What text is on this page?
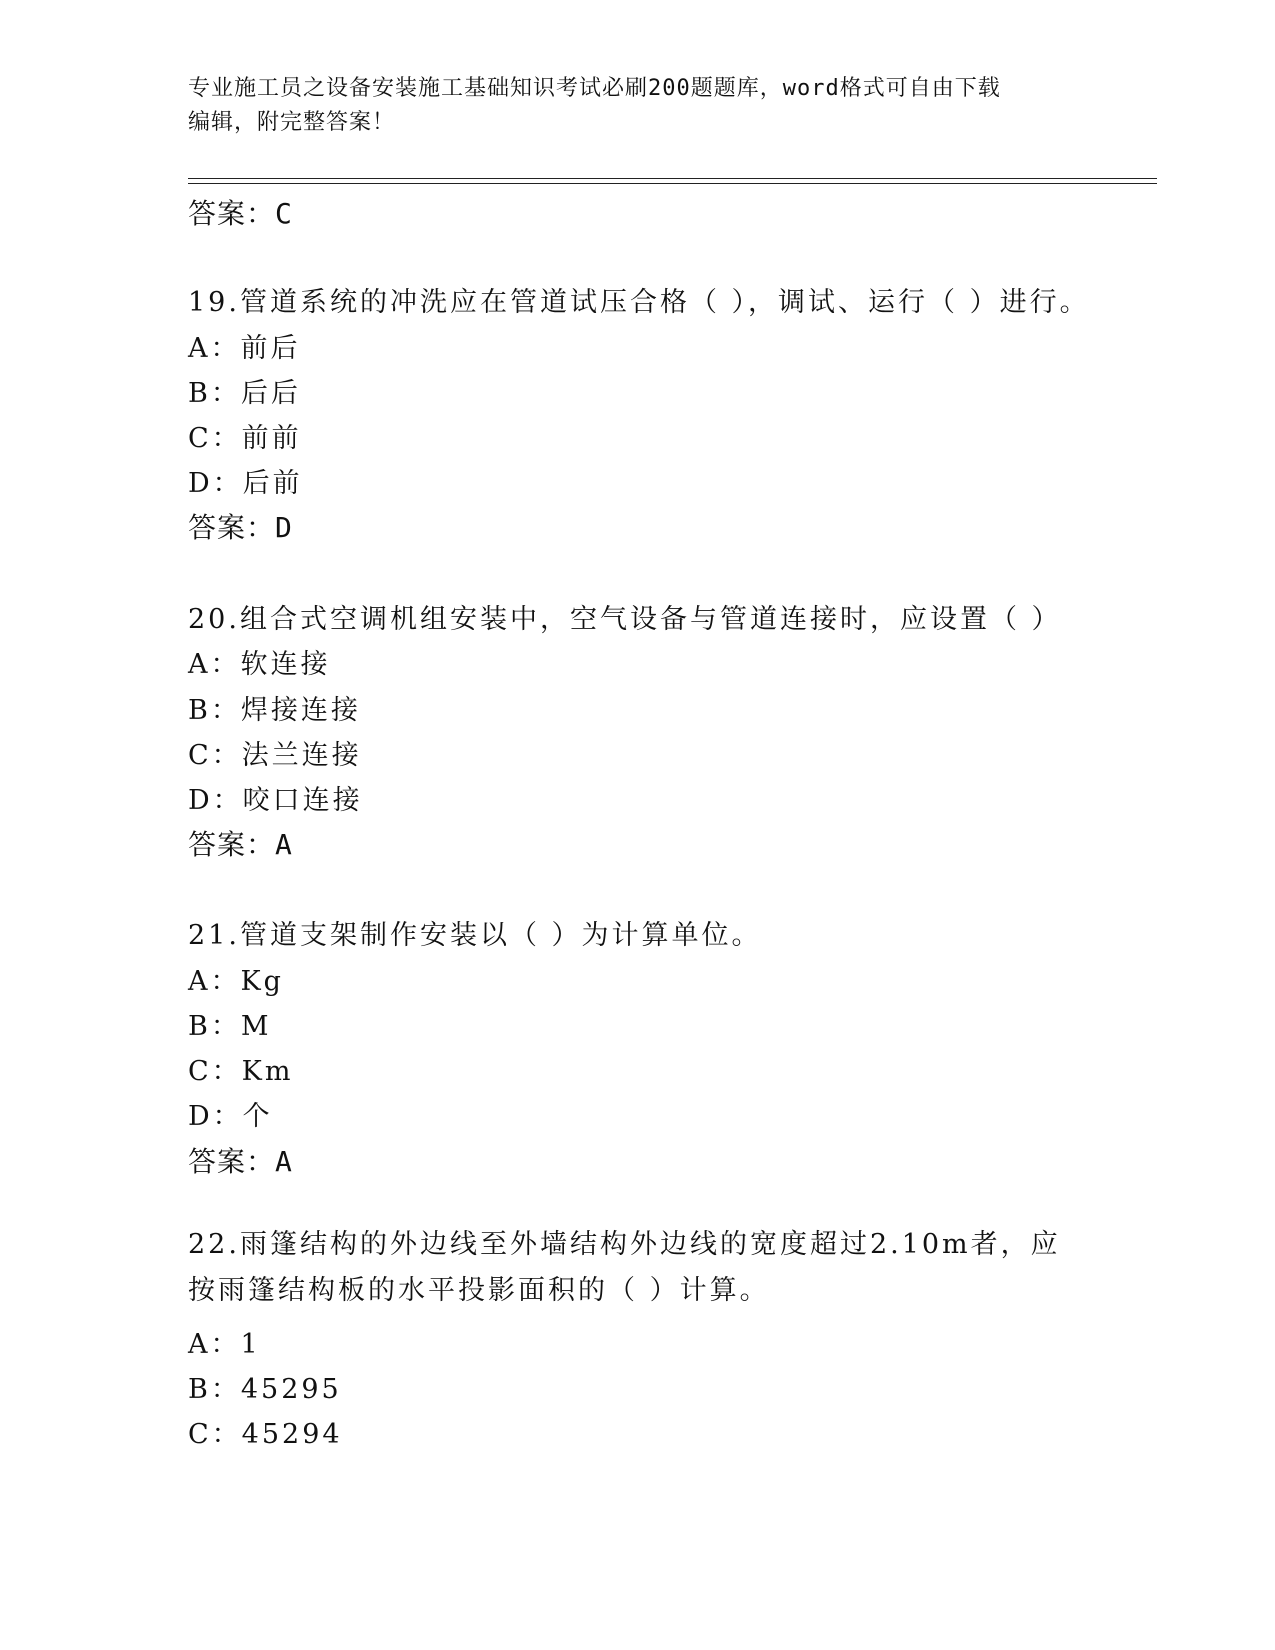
专业施工员之设备安装施工基础知识考试必刷200题题库，word格式可自由下载
编辑，附完整答案！
答案：C
19.管道系统的冲洗应在管道试压合格（ ），调试、运行（ ）进行。
A：前后
B：后后
C：前前
D：后前
答案：D
20.组合式空调机组安装中，空气设备与管道连接时，应设置（ ）
A：软连接
B：焊接连接
C：法兰连接
D：咬口连接
答案：A
21.管道支架制作安装以（ ）为计算单位。
A：Kg
B：M
C：Km
D：个
答案：A
22.雨篷结构的外边线至外墙结构外边线的宽度超过2.10m者，应按雨篷结构板的水平投影面积的（ ）计算。
A：1
B：45295
C：45294
